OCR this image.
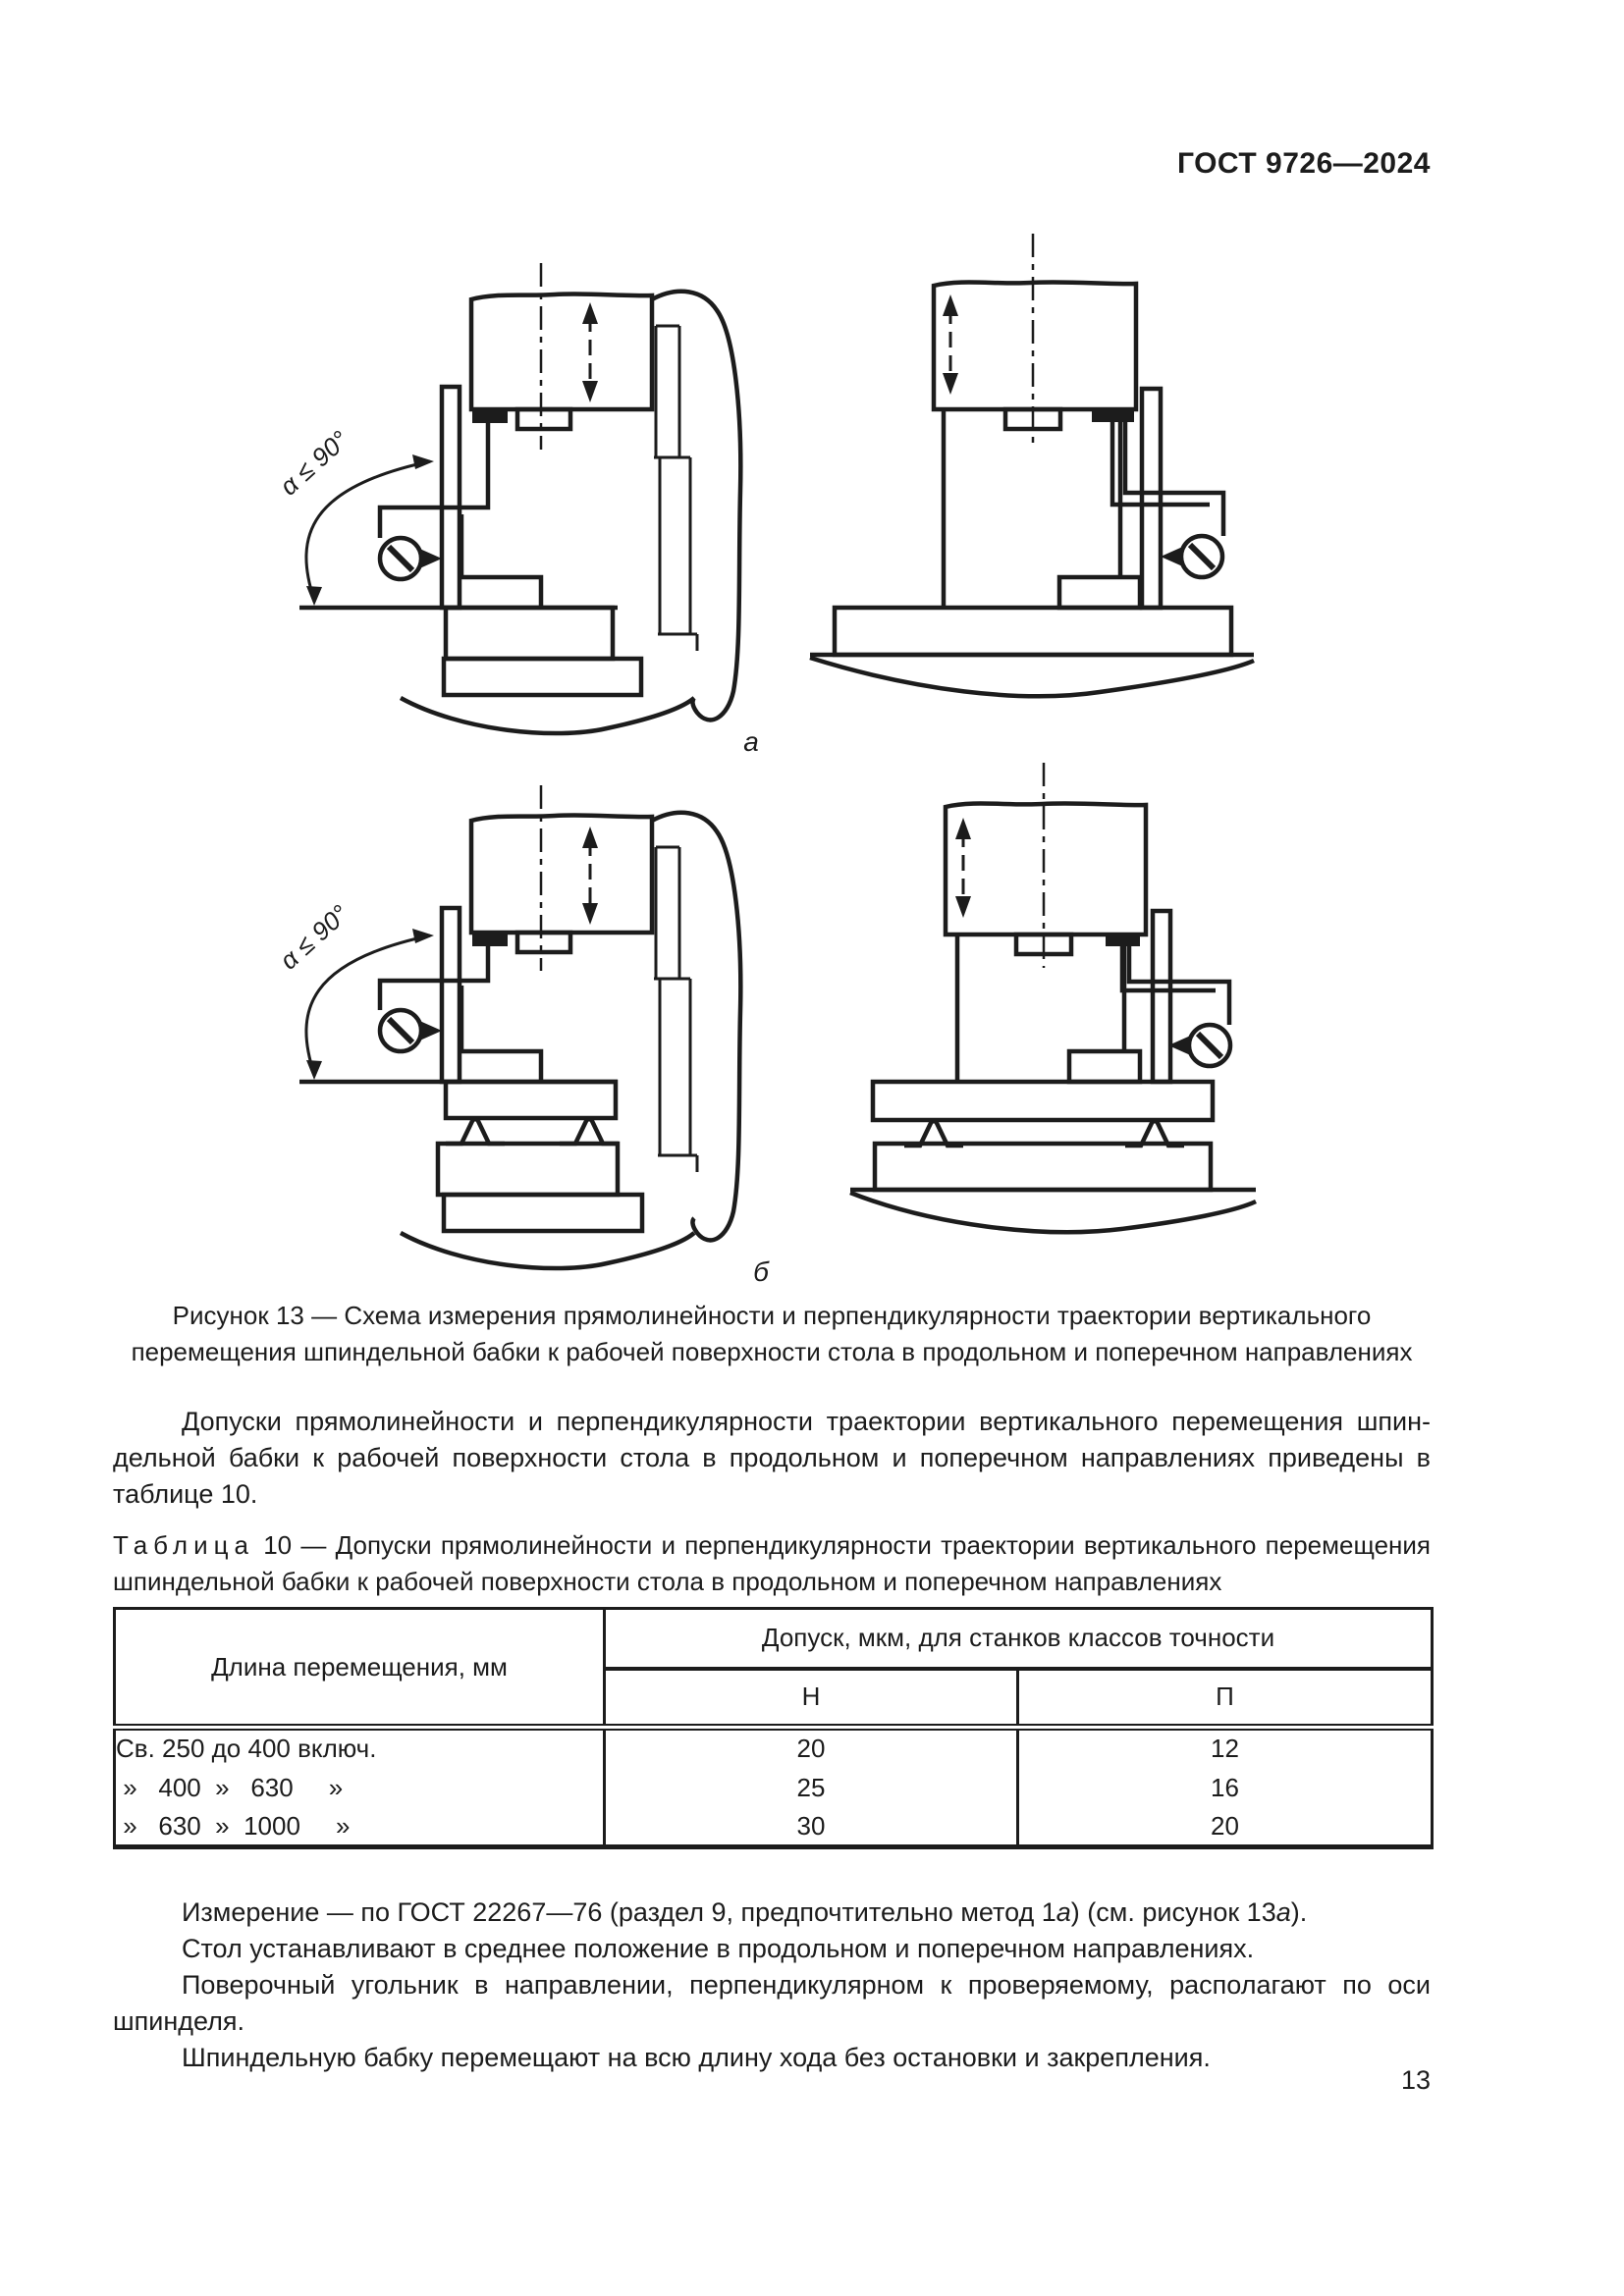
ГОСТ 9726—2024
α ≤ 90°
α ≤ 90°
а
б
Рисунок 13 — Схема измерения прямолинейности и перпендикулярности траектории вертикального
перемещения шпиндельной бабки к рабочей поверхности стола в продольном и поперечном направлениях
Допуски прямолинейности и перпендикулярности траектории вертикального перемещения шпин-
дельной бабки к рабочей поверхности стола в продольном и поперечном направлениях приведены в
таблице 10.
Таблица 10 — Допуски прямолинейности и перпендикулярности траектории вертикального перемещения
шпиндельной бабки к рабочей поверхности стола в продольном и поперечном направлениях
Длина перемещения, мм	Допуск, мкм, для станков классов точности	
	Н	П
Св. 250 до 400 включ.	20	12
»   400  »   630     »	25	16
»   630  »  1000     »	30	20
Измерение — по ГОСТ 22267—76 (раздел 9, предпочтительно метод 1а) (см. рисунок 13а).
Стол устанавливают в среднее положение в продольном и поперечном направлениях.
Поверочный угольник в направлении, перпендикулярном к проверяемому, располагают по оси
шпинделя.
Шпиндельную бабку перемещают на всю длину хода без остановки и закрепления.
13
